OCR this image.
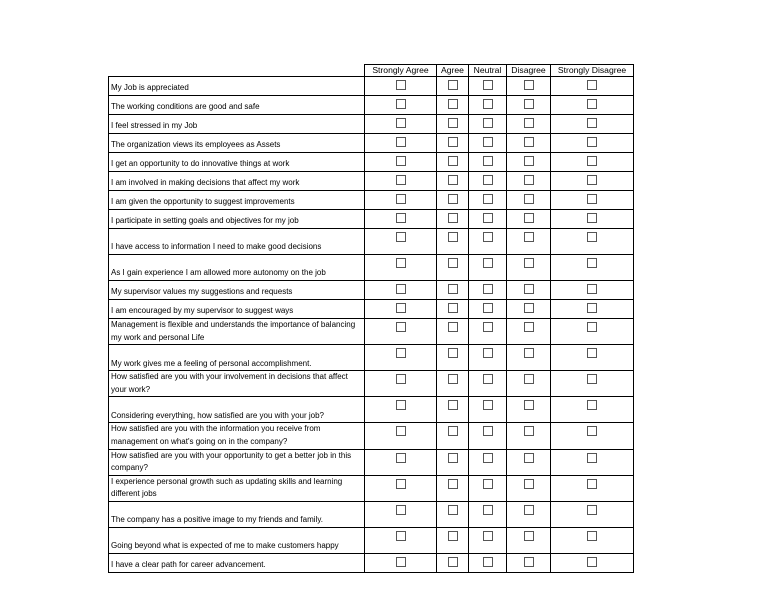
	Strongly Agree	Agree	Neutral	Disagree	Strongly Disagree
My Job is appreciated					
The working conditions are good and safe					
I feel stressed in my Job					
The organization views its employees as Assets					
I get an opportunity to do innovative things at work					
I am involved in making decisions that affect my work					
I am given the opportunity to suggest improvements					
I participate in setting goals and objectives for my job					
I have access to information I need to make good decisions					
As I gain experience I am allowed more autonomy on the job					
My supervisor values my suggestions and requests					
I am encouraged by my supervisor to suggest ways					
Management is flexible and understands the importance of balancing my work and personal Life					
My work gives me a feeling of personal accomplishment.					
How satisfied are you with your involvement in decisions that affect your work?					
Considering everything, how satisfied are you with your job?					
How satisfied are you with the information you receive from management on what's going on in the company?					
How satisfied are you with your opportunity to get a better job in this company?					
I experience personal growth such as updating skills and learning different jobs					
The company has a positive image to my friends and family.					
Going beyond what is expected of me to make customers happy					
I have a clear path for career advancement.					
